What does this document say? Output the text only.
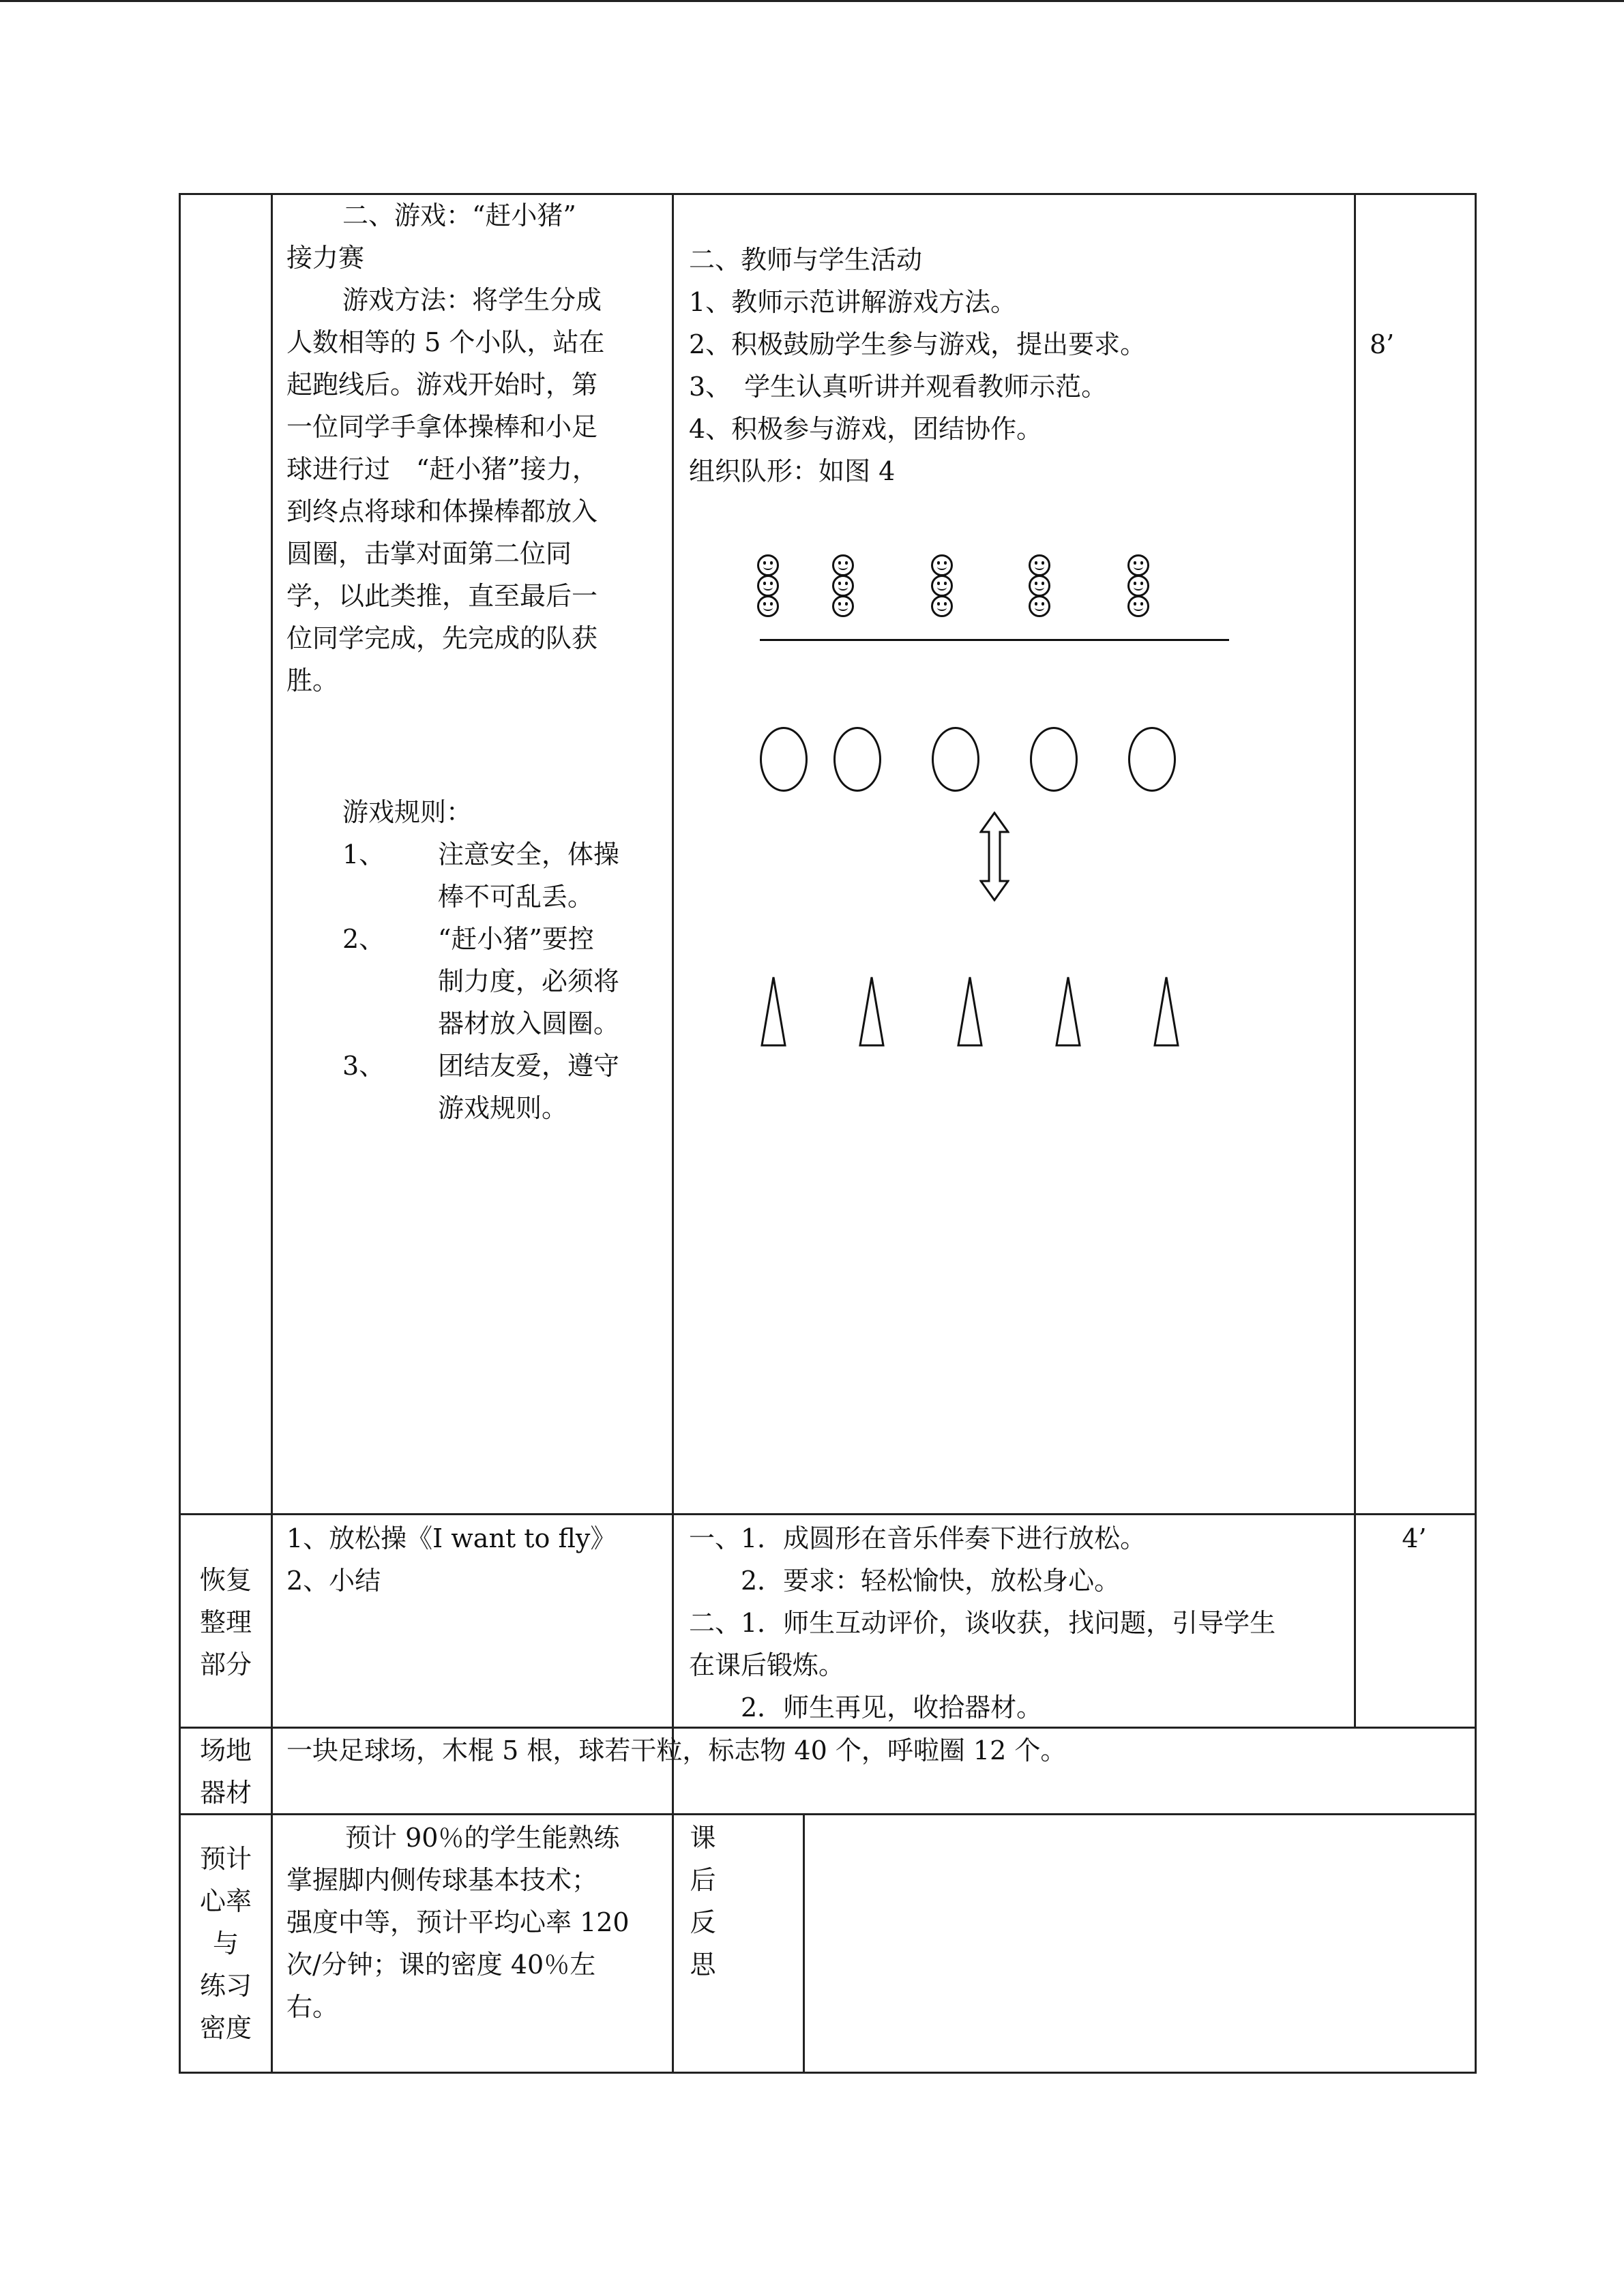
二、游戏：“赶小猪”
接力赛
游戏方法：将学生分成
人数相等的 5 个小队，站在
起跑线后。游戏开始时，第
一位同学手拿体操棒和小足
球进行过　“赶小猪”接力，
到终点将球和体操棒都放入
圆圈，击掌对面第二位同
学，以此类推，直至最后一
位同学完成，先完成的队获
胜。
游戏规则：
1、 注意安全，体操
棒不可乱丢。
2、 “赶小猪”要控
制力度，必须将
器材放入圆圈。
3、 团结友爱，遵守
游戏规则。
二、教师与学生活动
1、教师示范讲解游戏方法。
2、积极鼓励学生参与游戏，提出要求。
3、　学生认真听讲并观看教师示范。
4、积极参与游戏，团结协作。
组织队形：如图 4
8’
恢复
整理
部分
1、放松操《I want to fly》
2、小结
一、1．成圆形在音乐伴奏下进行放松。
　　2．要求：轻松愉快，放松身心。
二、1．师生互动评价，谈收获，找问题，引导学生
在课后锻炼。
　　2．师生再见，收拾器材。
4’
场地
器材
一块足球场，木棍 5 根，球若干粒，标志物 40 个，呼啦圈 12 个。
预计
心率
与
练习
密度
预计 90％的学生能熟练
掌握脚内侧传球基本技术；
强度中等，预计平均心率 120
次/分钟；课的密度 40％左
右。
课
后
反
思
